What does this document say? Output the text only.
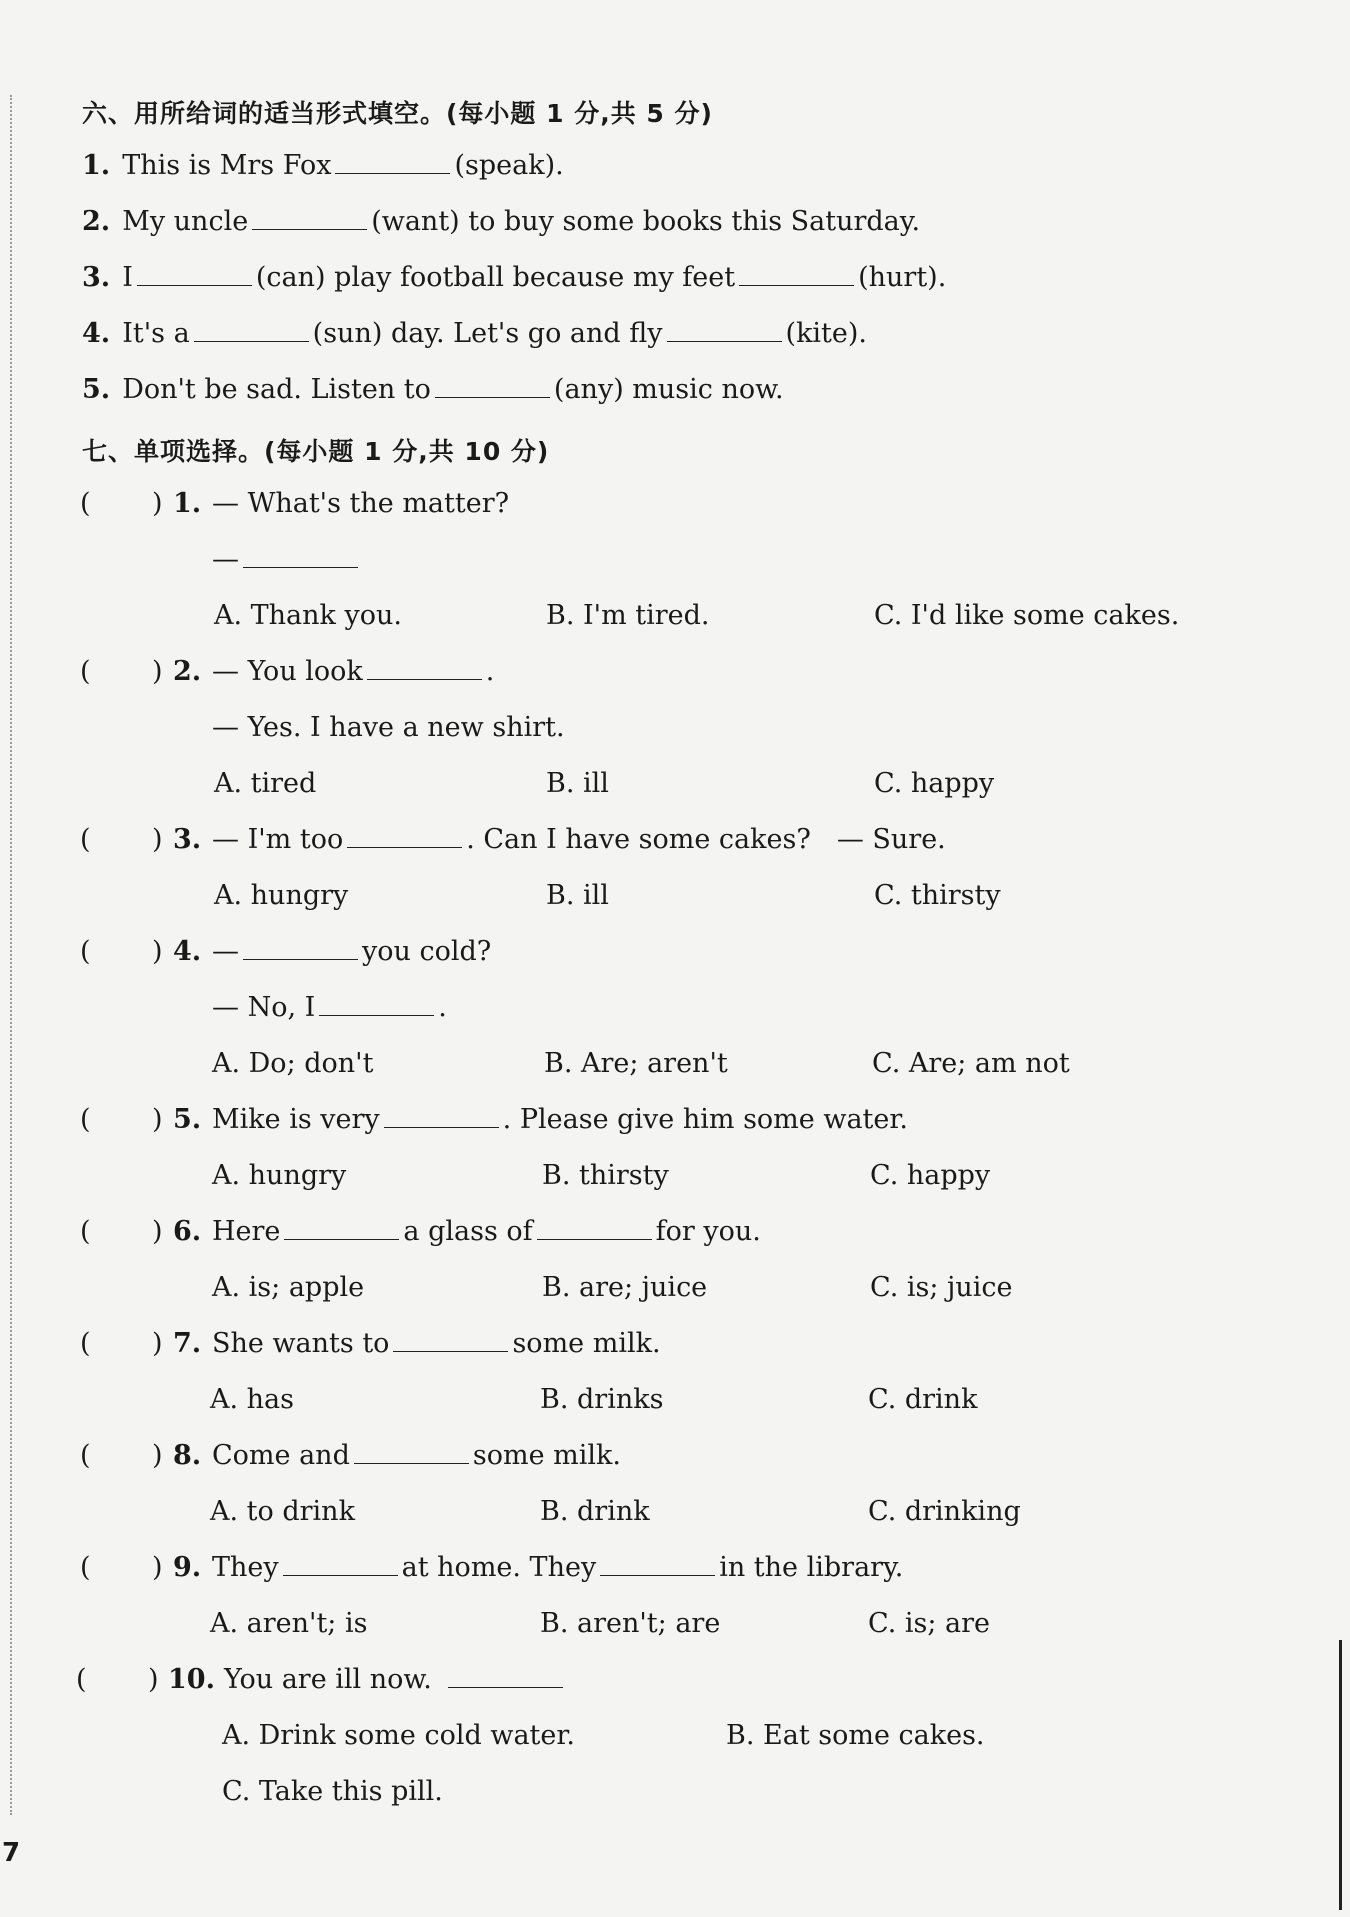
7
六、用所给词的适当形式填空。(每小题 1 分,共 5 分)
1. This is Mrs Fox	(speak).
2. My uncle	(want) to buy some books this Saturday.
3. I	(can) play football because my feet	(hurt).
4. It's a	(sun) day. Let's go and fly	(kite).
5. Don't be sad. Listen to	(any) music now.
七、单项选择。(每小题 1 分,共 10 分)
( ) 1. — What's the matter?
—
A. Thank you.	B. I'm tired.	C. I'd like some cakes.
( ) 2. — You look	.
— Yes. I have a new shirt.
A. tired	B. ill	C. happy
( ) 3. — I'm too	. Can I have some cakes? — Sure.
A. hungry	B. ill	C. thirsty
( ) 4. —	you cold?
— No, I	.
A. Do; don't	B. Are; aren't	C. Are; am not
( ) 5. Mike is very	. Please give him some water.
A. hungry	B. thirsty	C. happy
( ) 6. Here	a glass of	for you.
A. is; apple	B. are; juice	C. is; juice
( ) 7. She wants to	some milk.
A. has	B. drinks	C. drink
( ) 8. Come and	some milk.
A. to drink	B. drink	C. drinking
( ) 9. They	at home. They	in the library.
A. aren't; is	B. aren't; are	C. is; are
( ) 10. You are ill now.
A. Drink some cold water.	B. Eat some cakes.
C. Take this pill.
